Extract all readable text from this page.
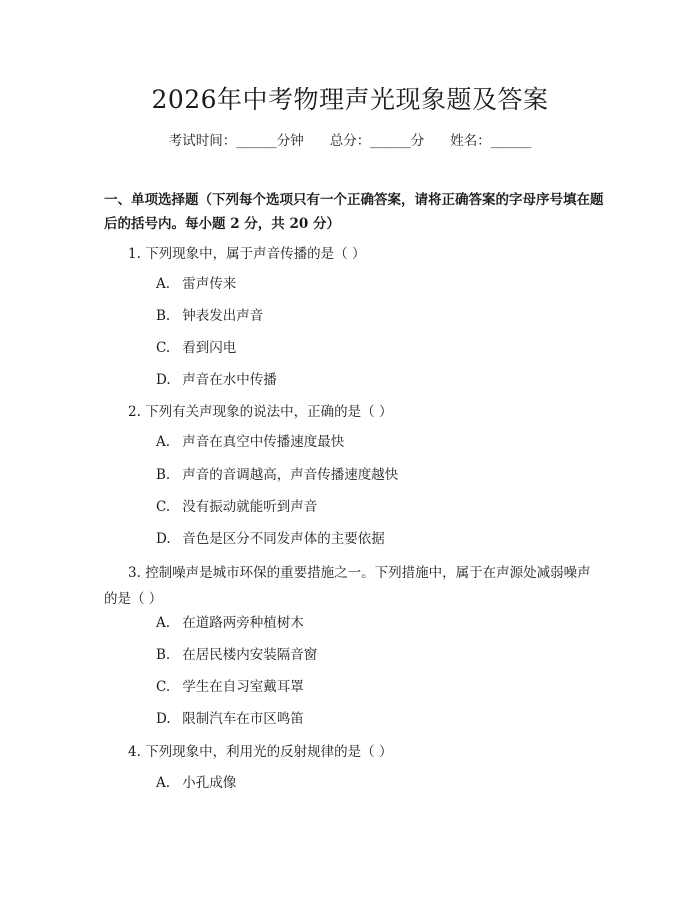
2026年中考物理声光现象题及答案
考试时间：______分钟 总分：______分 姓名：______
一、单项选择题（下列每个选项只有一个正确答案，请将正确答案的字母序号填在题后的括号内。每小题 2 分，共 20 分）
1. 下列现象中，属于声音传播的是（ ）
A. 雷声传来
B. 钟表发出声音
C. 看到闪电
D. 声音在水中传播
2. 下列有关声现象的说法中，正确的是（ ）
A. 声音在真空中传播速度最快
B. 声音的音调越高，声音传播速度越快
C. 没有振动就能听到声音
D. 音色是区分不同发声体的主要依据
3. 控制噪声是城市环保的重要措施之一。下列措施中，属于在声源处减弱噪声的是（ ）
A. 在道路两旁种植树木
B. 在居民楼内安装隔音窗
C. 学生在自习室戴耳罩
D. 限制汽车在市区鸣笛
4. 下列现象中，利用光的反射规律的是（ ）
A. 小孔成像
